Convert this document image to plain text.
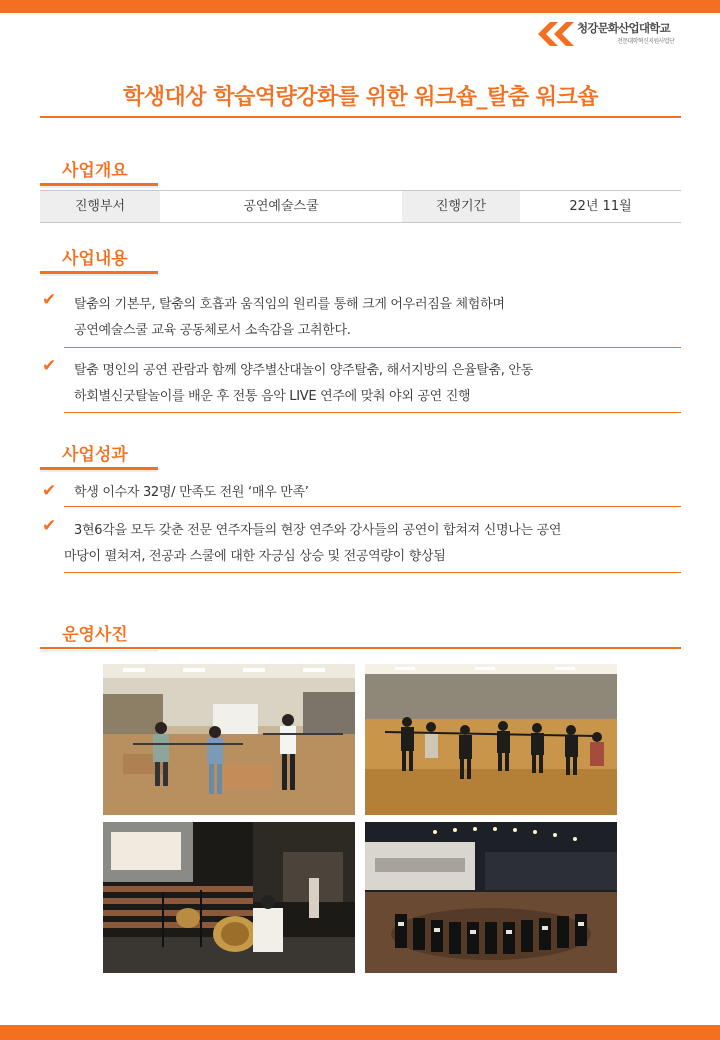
청강문화산업대학교
전문대학혁신지원사업단
학생대상 학습역량강화를 위한 워크숍_탈춤 워크숍
사업개요
진행부서	공연예술스쿨	진행기간	22년 11월
사업내용
✔ 탈춤의 기본무, 탈춤의 호흡과 움직임의 원리를 통해 크게 어우러짐을 체험하며
공연예술스쿨 교육 공동체로서 소속감을 고취한다.
✔ 탈춤 명인의 공연 관람과 함께 양주별산대놀이 양주탈춤, 해서지방의 은율탈춤, 안동
하회별신굿탈놀이를 배운 후 전통 음악 LIVE 연주에 맞춰 야외 공연 진행
사업성과
✔ 학생 이수자 32명/ 만족도 전원 ‘매우 만족’
✔ 3현6각을 모두 갖춘 전문 연주자들의 현장 연주와 강사들의 공연이 합쳐져 신명나는 공연
마당이 펼쳐져, 전공과 스쿨에 대한 자긍심 상승 및 전공역량이 향상됨
운영사진
